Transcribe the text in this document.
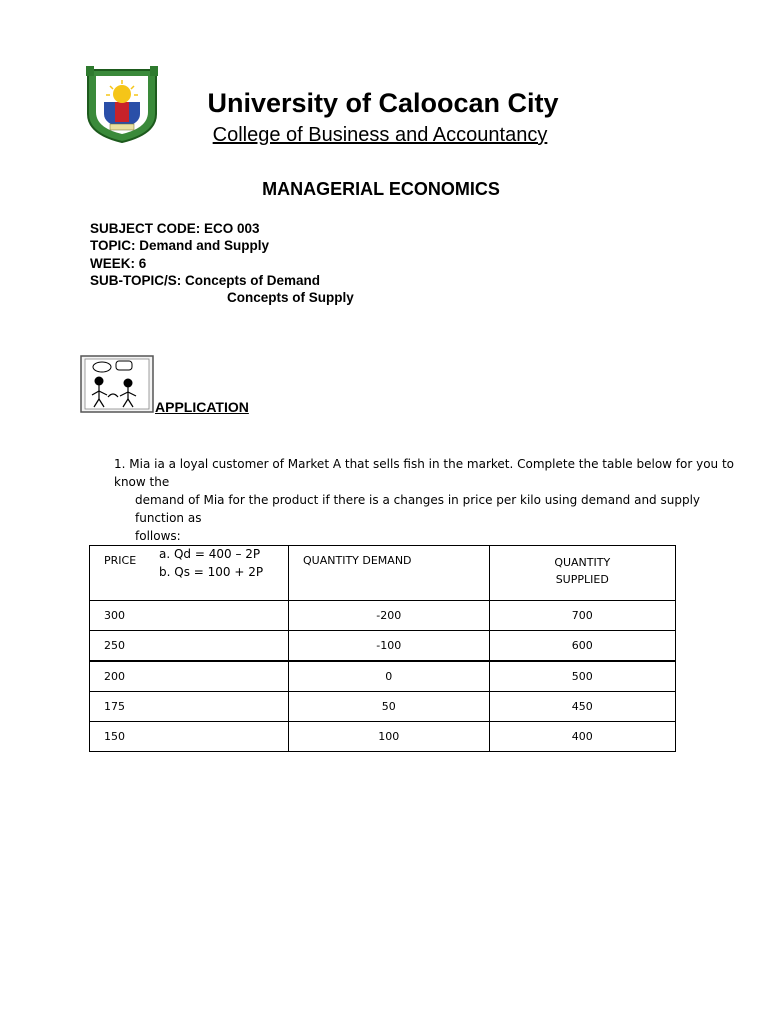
University of Caloocan City
College of Business and Accountancy
MANAGERIAL ECONOMICS
SUBJECT CODE: ECO 003
TOPIC: Demand and Supply
WEEK: 6
SUB-TOPIC/S: Concepts of Demand
Concepts of Supply
APPLICATION
1. Mia ia a loyal customer of Market A that sells fish in the market. Complete the table below for you to know the
demand of Mia for the product if there is a changes in price per kilo using demand and supply function as
follows:
a. Qd = 400 – 2P
b. Qs = 100 + 2P
PRICE	QUANTITY DEMAND	QUANTITY
SUPPLIED

300	-200	700
250	-100	600
200	0	500
175	50	450
150	100	400
